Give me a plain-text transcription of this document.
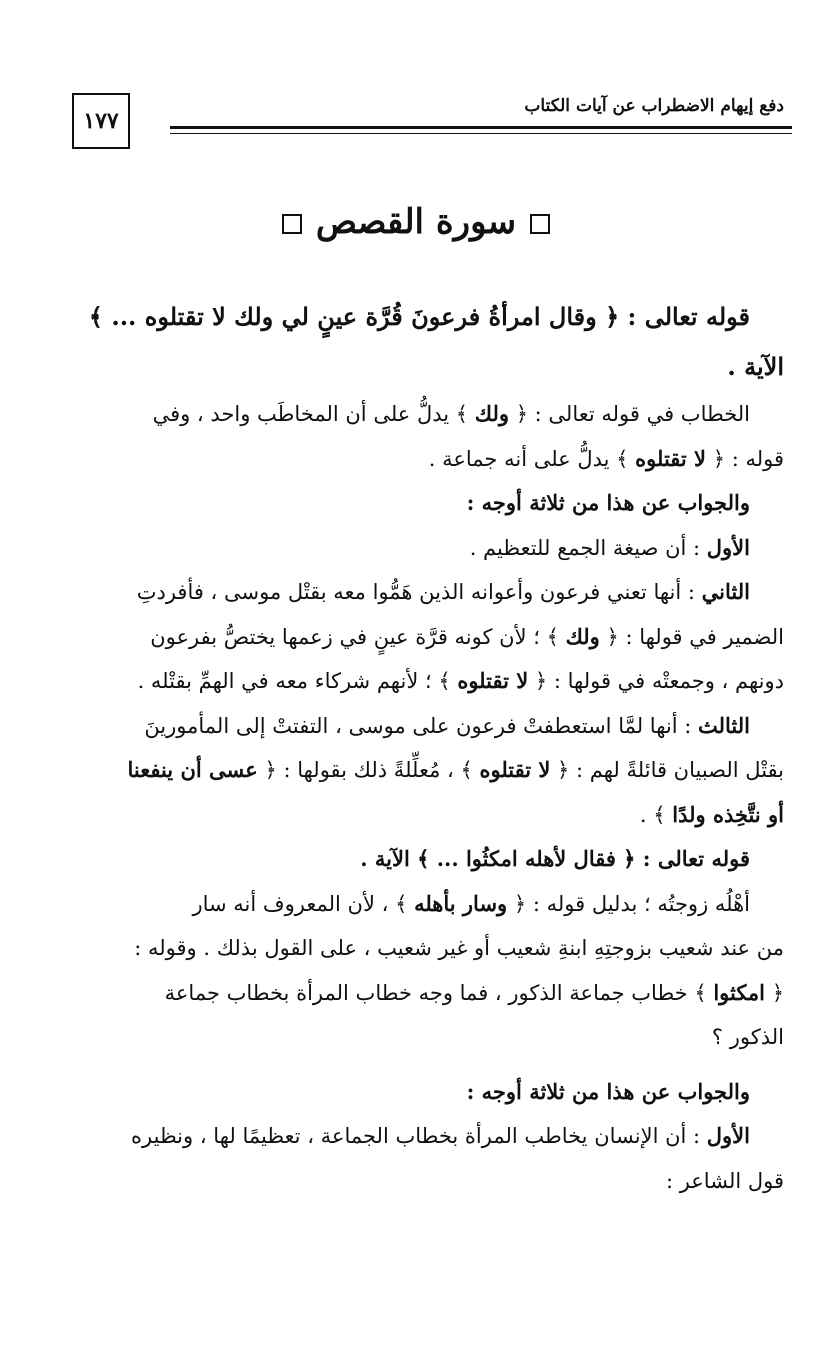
١٧٧
دفع إيهام الاضطراب عن آيات الكتاب
سورة القصص
قوله تعالى : ﴿ وقال امرأةُ فرعونَ قُرَّة عينٍ لي ولك لا تقتلوه ... ﴾
الآية .
الخطاب في قوله تعالى : ﴿ ولك ﴾ يدلُّ على أن المخاطَب واحد ، وفي
قوله : ﴿ لا تقتلوه ﴾ يدلُّ على أنه جماعة .
والجواب عن هذا من ثلاثة أوجه :
الأول : أن صيغة الجمع للتعظيم .
الثاني : أنها تعني فرعون وأعوانه الذين هَمُّوا معه بقتْل موسى ، فأفردتِ
الضمير في قولها : ﴿ ولك ﴾ ؛ لأن كونه قرَّة عينٍ في زعمها يختصُّ بفرعون
دونهم ، وجمعتْه في قولها : ﴿ لا تقتلوه ﴾ ؛ لأنهم شركاء معه في الهمِّ بقتْله .
الثالث : أنها لمَّا استعطفتْ فرعون على موسى ، التفتتْ إلى المأمورينَ
بقتْل الصبيان قائلةً لهم : ﴿ لا تقتلوه ﴾ ، مُعلِّلةً ذلك بقولها : ﴿ عسى أن ينفعنا
أو نتَّخِذه ولدًا ﴾ .
قوله تعالى : ﴿ فقال لأهله امكثُوا ... ﴾ الآية .
أهْلُه زوجتُه ؛ بدليل قوله : ﴿ وسار بأهله ﴾ ، لأن المعروف أنه سار
من عند شعيب بزوجتِهِ ابنةِ شعيب أو غير شعيب ، على القول بذلك . وقوله :
﴿ امكثوا ﴾ خطاب جماعة الذكور ، فما وجه خطاب المرأة بخطاب جماعة
الذكور ؟
والجواب عن هذا من ثلاثة أوجه :
الأول : أن الإنسان يخاطب المرأة بخطاب الجماعة ، تعظيمًا لها ، ونظيره
قول الشاعر :
